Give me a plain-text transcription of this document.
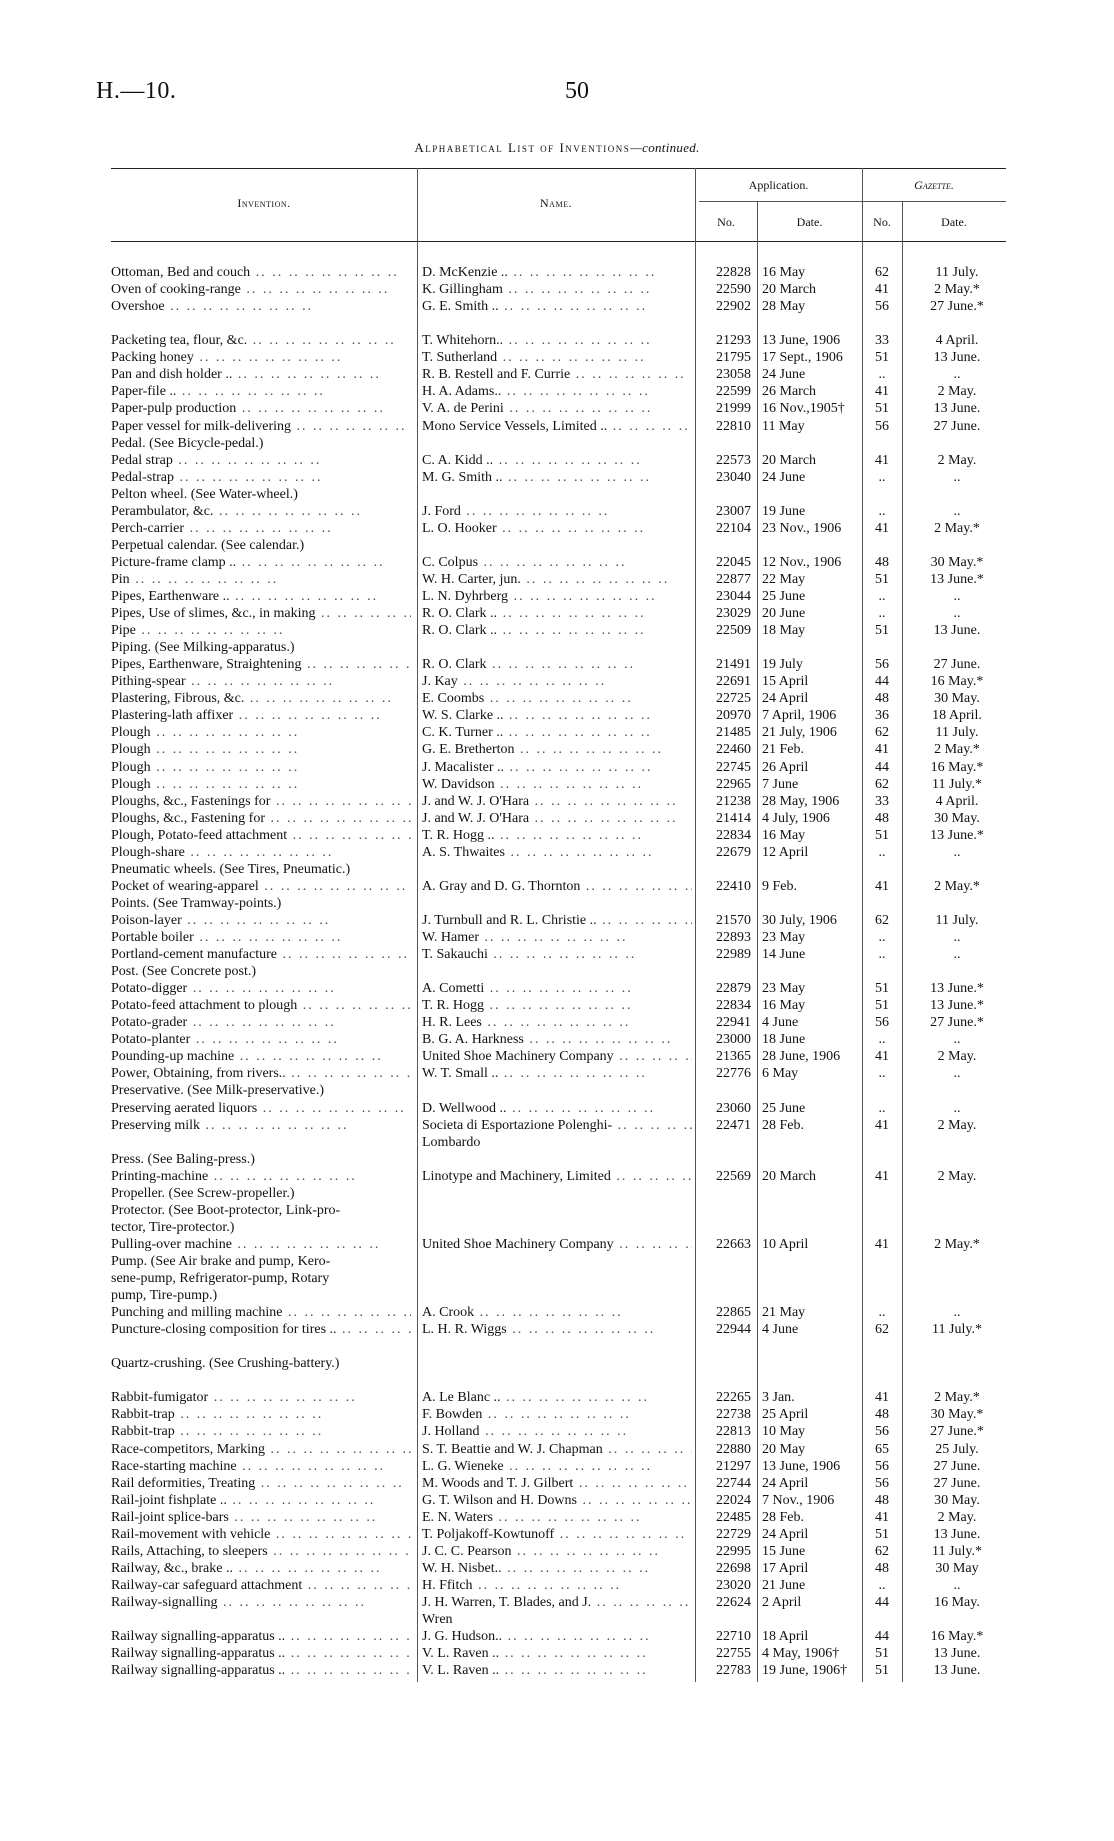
H.—10.	50
Alphabetical List of Inventions—continued.
Invention.	Name.
Application.
No.	Date.
Gazette.
No.	Date.
Ottoman, Bed and couch .. .	D. McKenzie .. .. .	22828 16 May	62	11 July.
Oven of cooking-range .. .	K. Gillingham .. .	22590 20 March	41	2 May.*
Overshoe .. .	G. E. Smith .. .. .	22902 28 May	56	27 June.*
Packeting tea, flour, &c. .. .	T. Whitehorn.. .. .	21293 13 June, 1906	33	4 April.
Packing honey .. .	T. Sutherland .. .	21795 17 Sept., 1906	51	13 June.
Pan and dish holder .. .. .	R. B. Restell and F. Currie .. .	23058 24 June	..	..
Paper-file .. .. .	H. A. Adams.. .. .	22599 26 March	41	2 May.
Paper-pulp production .. .	V. A. de Perini .. .	21999 16 Nov.,1905†	51	13 June.
Paper vessel for milk-delivering .. .	Mono Service Vessels, Limited .. .. .	22810 11 May	56	27 June.
Pedal. (See Bicycle-pedal.)
Pedal strap .. .	C. A. Kidd .. .. .	22573 20 March	41	2 May.
Pedal-strap .. .	M. G. Smith .. .. .	23040 24 June	..	..
Pelton wheel. (See Water-wheel.)
Perambulator, &c. .. .	J. Ford .. .	23007 19 June	..	..
Perch-carrier .. .	L. O. Hooker .. .	22104 23 Nov., 1906	41	2 May.*
Perpetual calendar. (See calendar.)
Picture-frame clamp .. .. .	C. Colpus .. .	22045 12 Nov., 1906	48	30 May.*
Pin .. .	W. H. Carter, jun. .. .	22877 22 May	51	13 June.*
Pipes, Earthenware .. .. .	L. N. Dyhrberg .. .	23044 25 June	..	..
Pipes, Use of slimes, &c., in making .. .	R. O. Clark .. .. .	23029 20 June	..	..
Pipe .. .	R. O. Clark .. .. .	22509 18 May	51	13 June.
Piping. (See Milking-apparatus.)
Pipes, Earthenware, Straightening .. .	R. O. Clark .. .	21491 19 July	56	27 June.
Pithing-spear .. .	J. Kay .. .	22691 15 April	44	16 May.*
Plastering, Fibrous, &c. .. .	E. Coombs .. .	22725 24 April	48	30 May.
Plastering-lath affixer .. .	W. S. Clarke .. .. .	20970 7 April, 1906	36	18 April.
Plough .. .	C. K. Turner .. .. .	21485 21 July, 1906	62	11 July.
Plough .. .	G. E. Bretherton .. .	22460 21 Feb.	41	2 May.*
Plough .. .	J. Macalister .. .. .	22745 26 April	44	16 May.*
Plough .. .	W. Davidson .. .	22965 7 June	62	11 July.*
Ploughs, &c., Fastenings for .. .	J. and W. J. O'Hara .. .	21238 28 May, 1906	33	4 April.
Ploughs, &c., Fastening for .. .	J. and W. J. O'Hara .. .	21414 4 July, 1906	48	30 May.
Plough, Potato-feed attachment .. .	T. R. Hogg .. .. .	22834 16 May	51	13 June.*
Plough-share .. .	A. S. Thwaites .. .	22679 12 April	..	..
Pneumatic wheels. (See Tires, Pneumatic.)
Pocket of wearing-apparel .. .	A. Gray and D. G. Thornton .. .	22410 9 Feb.	41	2 May.*
Points. (See Tramway-points.)
Poison-layer .. .	J. Turnbull and R. L. Christie .. .. .	21570 30 July, 1906	62	11 July.
Portable boiler .. .	W. Hamer .. .	22893 23 May	..	..
Portland-cement manufacture .. .	T. Sakauchi .. .	22989 14 June	..	..
Post. (See Concrete post.)
Potato-digger .. .	A. Cometti .. .	22879 23 May	51	13 June.*
Potato-feed attachment to plough .. .	T. R. Hogg .. .	22834 16 May	51	13 June.*
Potato-grader .. .	H. R. Lees .. .	22941 4 June	56	27 June.*
Potato-planter .. .	B. G. A. Harkness .. .	23000 18 June	..	..
Pounding-up machine .. .	United Shoe Machinery Company .. .	21365 28 June, 1906	41	2 May.
Power, Obtaining, from rivers.. .. .	W. T. Small .. .. .	22776 6 May	..	..
Preservative. (See Milk-preservative.)
Preserving aerated liquors .. .	D. Wellwood .. .. .	23060 25 June	..	..
Preserving milk .. .	Societa di Esportazione Polenghi- .. .	22471 28 Feb.	41	2 May.
Lombardo
Press. (See Baling-press.)
Printing-machine .. .	Linotype and Machinery, Limited .. .	22569 20 March	41	2 May.
Propeller. (See Screw-propeller.)
Protector. (See Boot-protector, Link-pro-
tector, Tire-protector.)
Pulling-over machine .. .	United Shoe Machinery Company .. .	22663 10 April	41	2 May.*
Pump. (See Air brake and pump, Kero-
sene-pump, Refrigerator-pump, Rotary
pump, Tire-pump.)
Punching and milling machine .. .	A. Crook .. .	22865 21 May	..	..
Puncture-closing composition for tires .. .. .	L. H. R. Wiggs .. .	22944 4 June	62	11 July.*
Quartz-crushing. (See Crushing-battery.)
Rabbit-fumigator .. .	A. Le Blanc .. .. .	22265 3 Jan.	41	2 May.*
Rabbit-trap .. .	F. Bowden .. .	22738 25 April	48	30 May.*
Rabbit-trap .. .	J. Holland .. .	22813 10 May	56	27 June.*
Race-competitors, Marking .. .	S. T. Beattie and W. J. Chapman .. .	22880 20 May	65	25 July.
Race-starting machine .. .	L. G. Wieneke .. .	21297 13 June, 1906	56	27 June.
Rail deformities, Treating .. .	M. Woods and T. J. Gilbert .. .	22744 24 April	56	27 June.
Rail-joint fishplate .. .. .	G. T. Wilson and H. Downs .. .	22024 7 Nov., 1906	48	30 May.
Rail-joint splice-bars .. .	E. N. Waters .. .	22485 28 Feb.	41	2 May.
Rail-movement with vehicle .. .	T. Poljakoff-Kowtunoff .. .	22729 24 April	51	13 June.
Rails, Attaching, to sleepers .. .	J. C. C. Pearson .. .	22995 15 June	62	11 July.*
Railway, &c., brake .. .. .	W. H. Nisbet.. .. .	22698 17 April	48	30 May
Railway-car safeguard attachment .. .	H. Ffitch .. .	23020 21 June	..	..
Railway-signalling .. .	J. H. Warren, T. Blades, and J. .. .	22624 2 April	44	16 May.
Wren
Railway signalling-apparatus .. .. .	J. G. Hudson.. .. .	22710 18 April	44	16 May.*
Railway signalling-apparatus .. .. .	V. L. Raven .. .. .	22755 4 May, 1906†	51	13 June.
Railway signalling-apparatus .. .. .	V. L. Raven .. .. .	22783 19 June, 1906†	51	13 June.
